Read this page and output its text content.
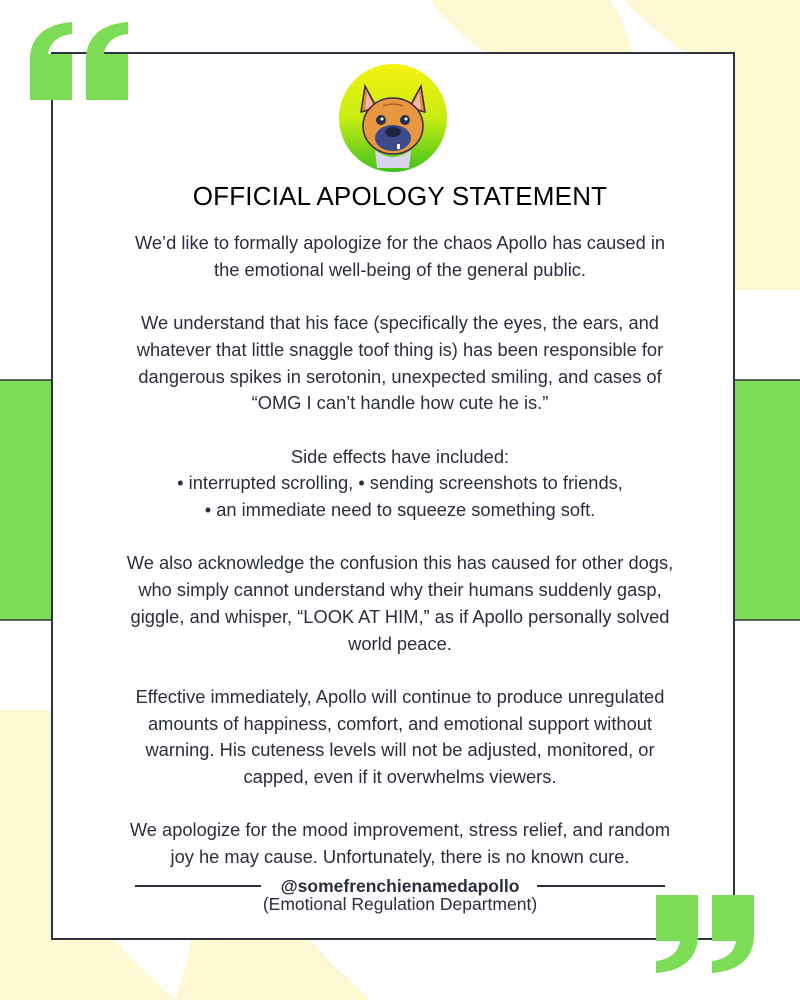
OFFICIAL APOLOGY STATEMENT

We’d like to formally apologize for the chaos Apollo has caused in
the emotional well-being of the general public.

We understand that his face (specifically the eyes, the ears, and
whatever that little snaggle toof thing is) has been responsible for
dangerous spikes in serotonin, unexpected smiling, and cases of
“OMG I can’t handle how cute he is.”

Side effects have included:
• interrupted scrolling, • sending screenshots to friends,
• an immediate need to squeeze something soft.

We also acknowledge the confusion this has caused for other dogs,
who simply cannot understand why their humans suddenly gasp,
giggle, and whisper, “LOOK AT HIM,” as if Apollo personally solved
world peace.

Effective immediately, Apollo will continue to produce unregulated
amounts of happiness, comfort, and emotional support without
warning. His cuteness levels will not be adjusted, monitored, or
capped, even if it overwhelms viewers.

We apologize for the mood improvement, stress relief, and random
joy he may cause. Unfortunately, there is no known cure.

@somefrenchienamedapollo
(Emotional Regulation Department)
